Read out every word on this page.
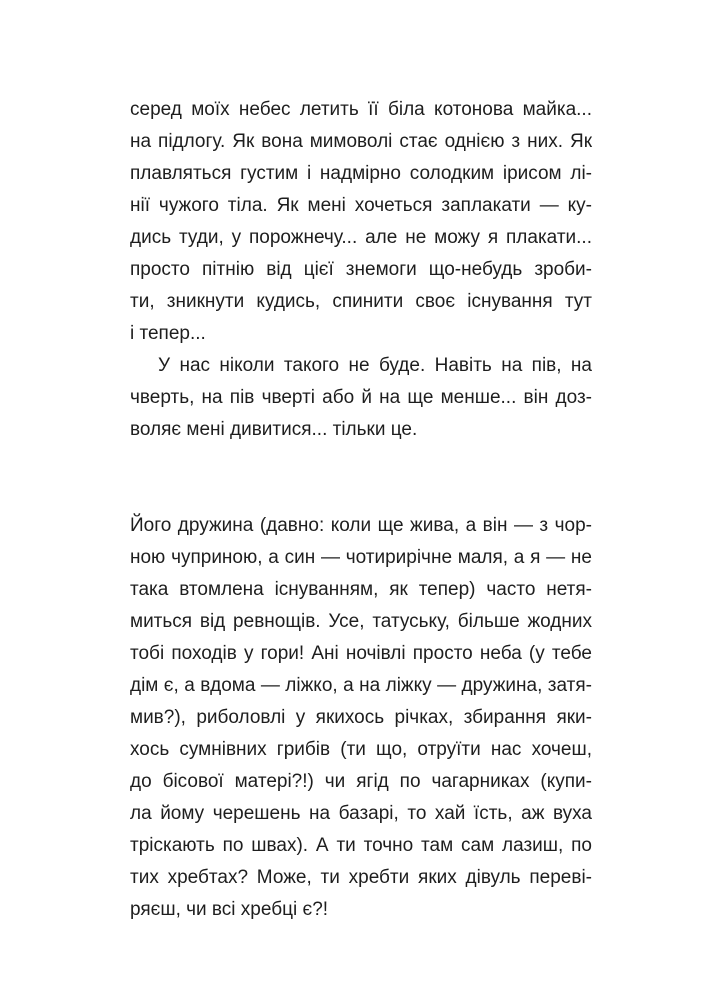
серед моїх небес летить її біла котонова майка...
на підлогу. Як вона мимоволі стає однією з них. Як
плавляться густим і надмірно солодким ірисом лі-
нії чужого тіла. Як мені хочеться заплакати — ку-
дись туди, у порожнечу... але не можу я плакати...
просто пітнію від цієї знемоги що-небудь зроби-
ти, зникнути кудись, спинити своє існування тут
і тепер...
У нас ніколи такого не буде. Навіть на пів, на
чверть, на пів чверті або й на ще менше... він доз-
воляє мені дивитися... тільки це.
Його дружина (давно: коли ще жива, а він — з чор-
ною чуприною, а син — чотирирічне маля, а я — не
така втомлена існуванням, як тепер) часто нетя-
миться від ревнощів. Усе, татуську, більше жодних
тобі походів у гори! Ані ночівлі просто неба (у тебе
дім є, а вдома — ліжко, а на ліжку — дружина, затя-
мив?), риболовлі у якихось річках, збирання яки-
хось сумнівних грибів (ти що, отруїти нас хочеш,
до бісової матері?!) чи ягід по чагарниках (купи-
ла йому черешень на базарі, то хай їсть, аж вуха
тріскають по швах). А ти точно там сам лазиш, по
тих хребтах? Може, ти хребти яких дівуль переві-
ряєш, чи всі хребці є?!
